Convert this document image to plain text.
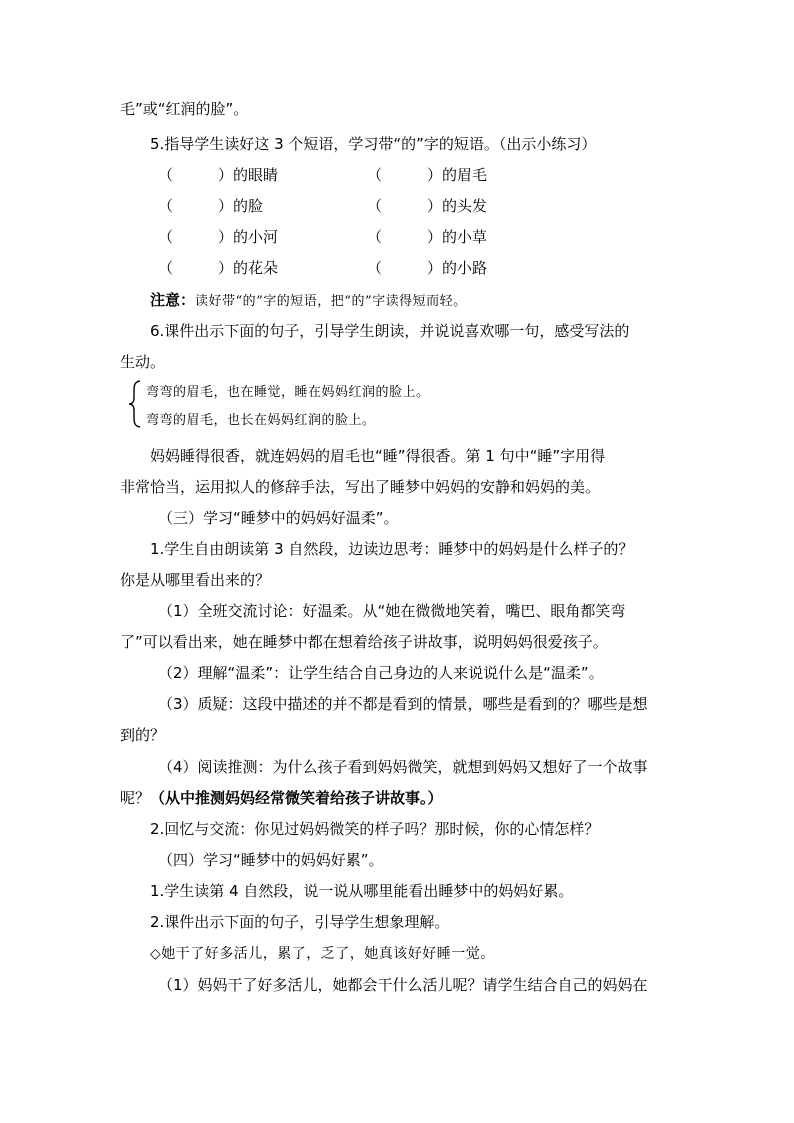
毛”或“红润的脸”。
5.指导学生读好这 3 个短语，学习带“的”字的短语。（出示小练习）
（　　　）的眼睛	（　　　）的眉毛
（　　　）的脸	（　　　）的头发
（　　　）的小河	（　　　）的小草
（　　　）的花朵	（　　　）的小路
注意：读好带“的”字的短语，把“的”字读得短而轻。
6.课件出示下面的句子，引导学生朗读，并说说喜欢哪一句，感受写法的
生动。
弯弯的眉毛，也在睡觉，睡在妈妈红润的脸上。
弯弯的眉毛，也长在妈妈红润的脸上。
妈妈睡得很香，就连妈妈的眉毛也“睡”得很香。第 1 句中“睡”字用得
非常恰当，运用拟人的修辞手法，写出了睡梦中妈妈的安静和妈妈的美。
（三）学习“睡梦中的妈妈好温柔”。
1.学生自由朗读第 3 自然段，边读边思考：睡梦中的妈妈是什么样子的？
你是从哪里看出来的？
（1）全班交流讨论：好温柔。从“她在微微地笑着，嘴巴、眼角都笑弯
了”可以看出来，她在睡梦中都在想着给孩子讲故事，说明妈妈很爱孩子。
（2）理解“温柔”：让学生结合自己身边的人来说说什么是“温柔”。
（3）质疑：这段中描述的并不都是看到的情景，哪些是看到的？哪些是想
到的？
（4）阅读推测：为什么孩子看到妈妈微笑，就想到妈妈又想好了一个故事
呢？（从中推测妈妈经常微笑着给孩子讲故事。）
2.回忆与交流：你见过妈妈微笑的样子吗？那时候，你的心情怎样？
（四）学习“睡梦中的妈妈好累”。
1.学生读第 4 自然段，说一说从哪里能看出睡梦中的妈妈好累。
2.课件出示下面的句子，引导学生想象理解。
◇她干了好多活儿，累了，乏了，她真该好好睡一觉。
（1）妈妈干了好多活儿，她都会干什么活儿呢？请学生结合自己的妈妈在
